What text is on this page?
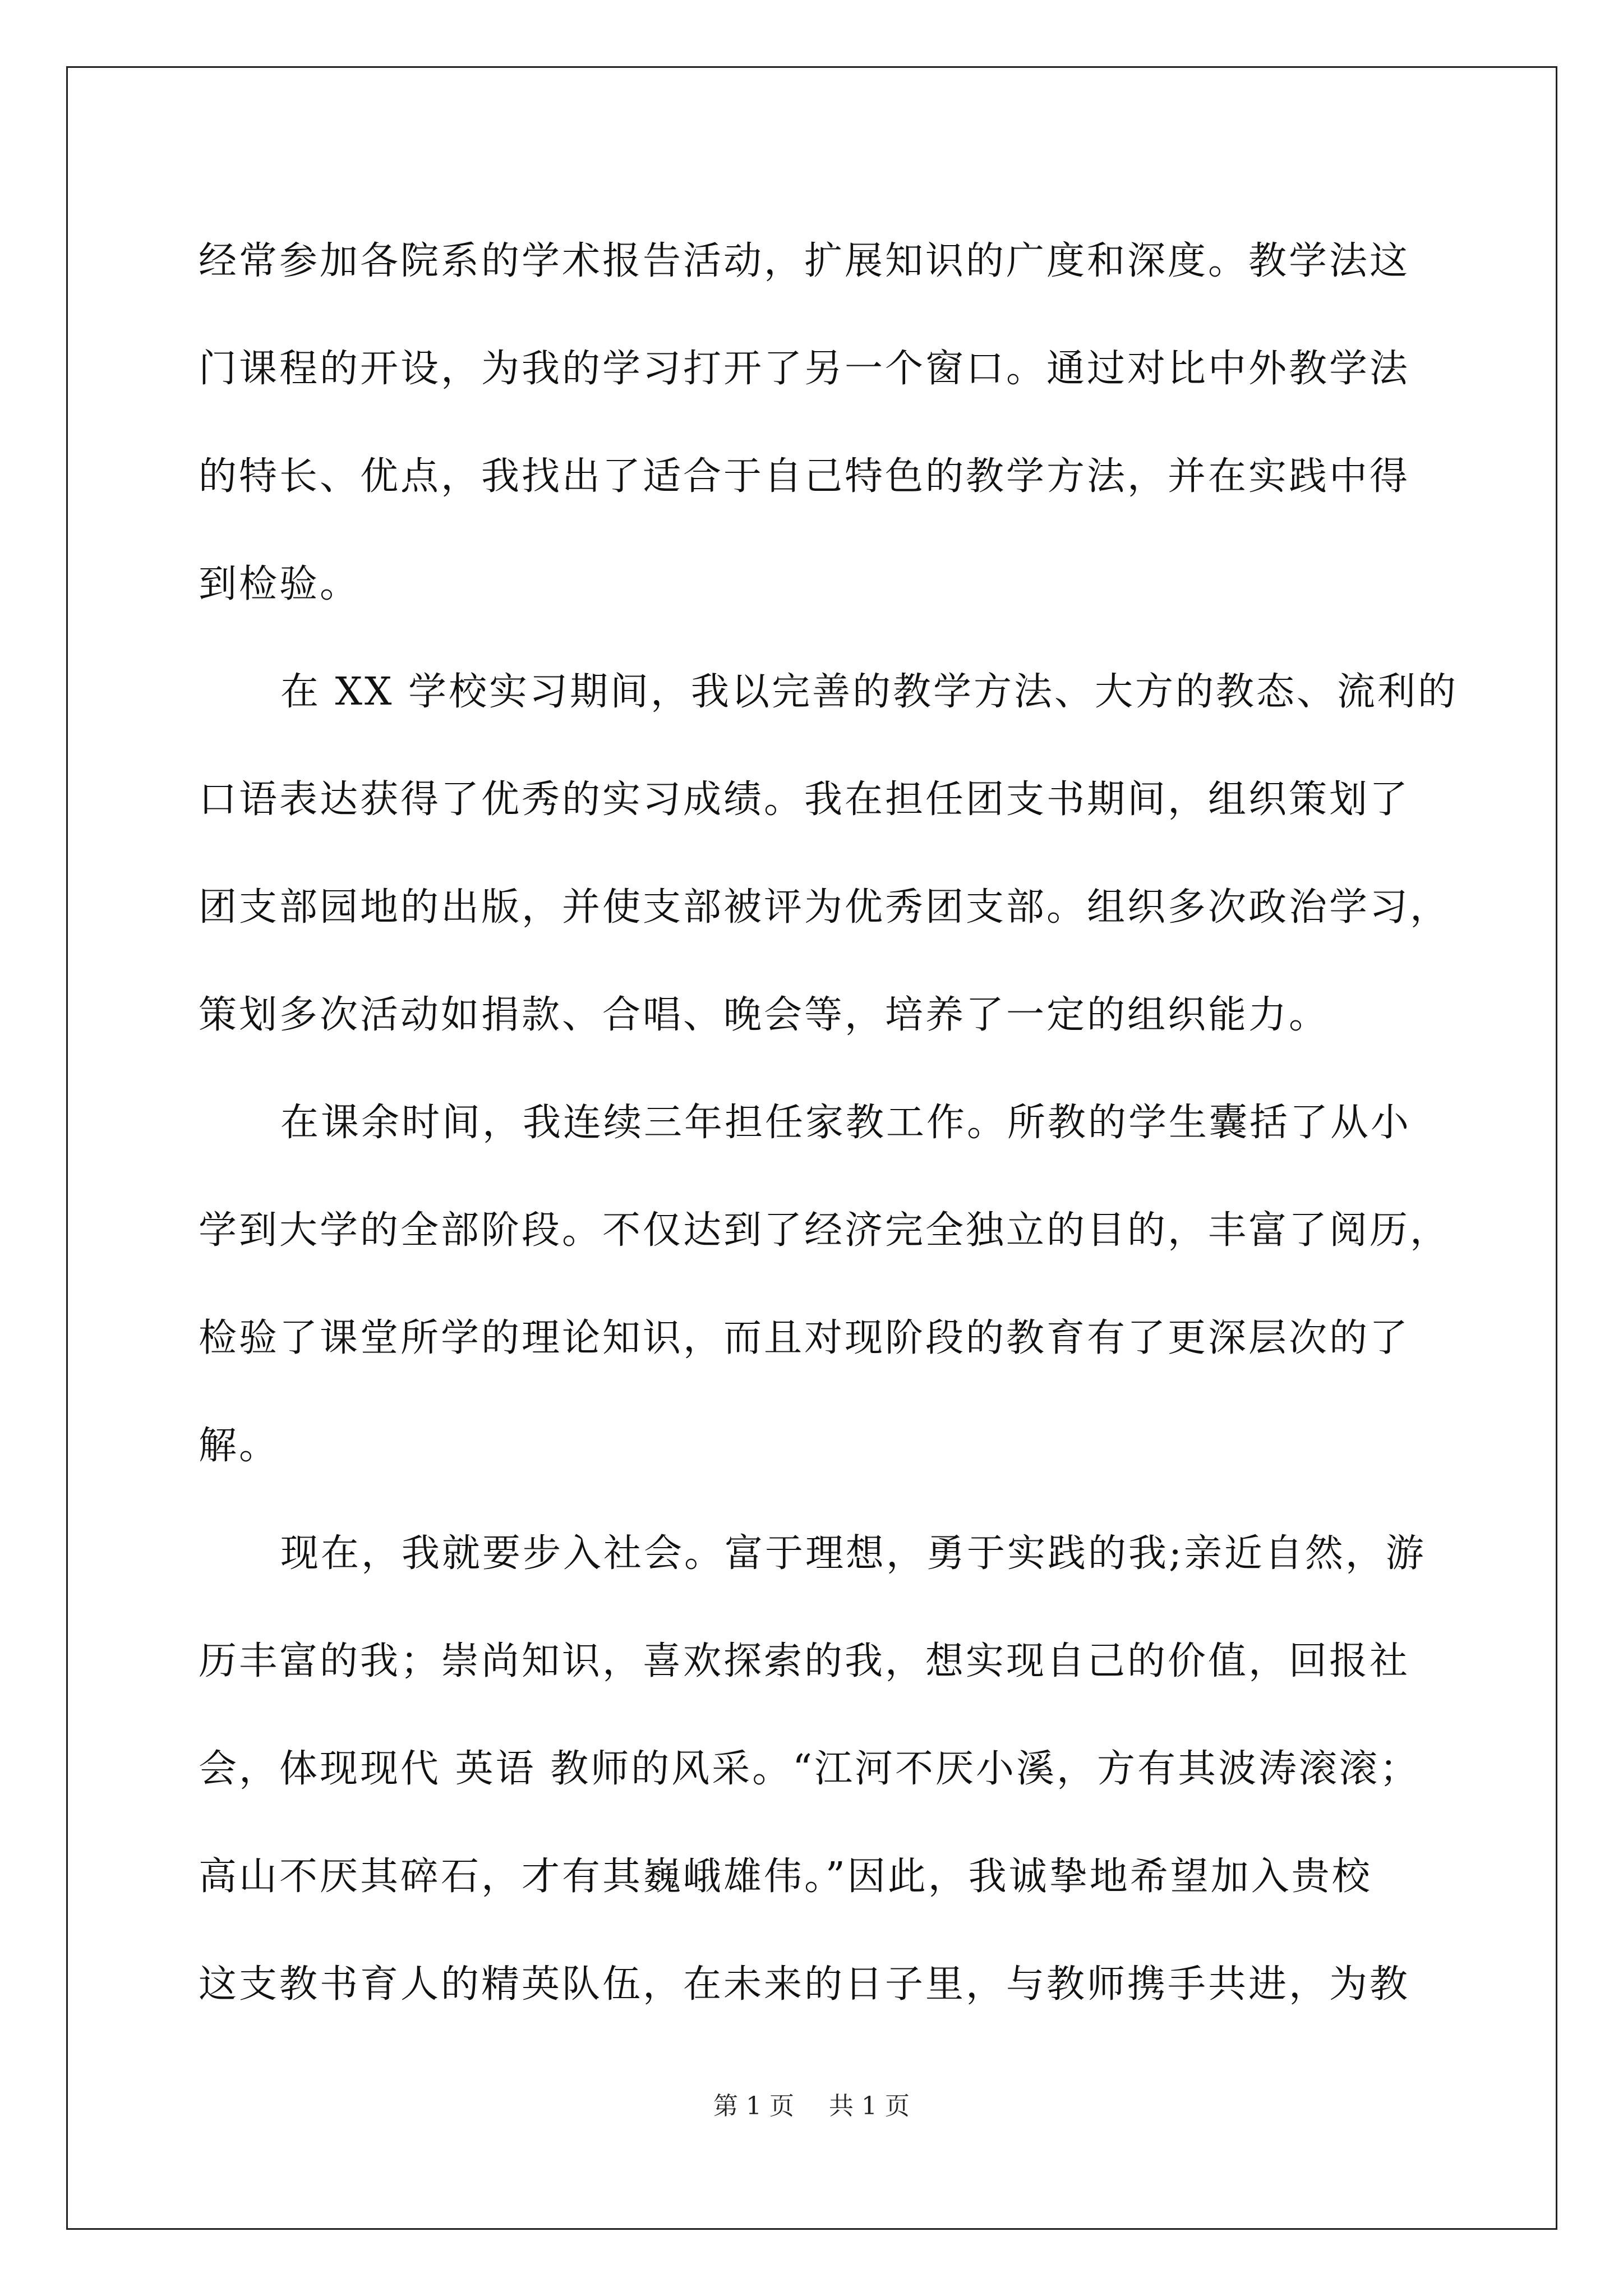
经常参加各院系的学术报告活动，扩展知识的广度和深度。教学法这
门课程的开设，为我的学习打开了另一个窗口。通过对比中外教学法
的特长、优点，我找出了适合于自己特色的教学方法，并在实践中得
到检验。
在 XX 学校实习期间，我以完善的教学方法、大方的教态、流利的
口语表达获得了优秀的实习成绩。我在担任团支书期间，组织策划了
团支部园地的出版，并使支部被评为优秀团支部。组织多次政治学习，
策划多次活动如捐款、合唱、晚会等，培养了一定的组织能力。
在课余时间，我连续三年担任家教工作。所教的学生囊括了从小
学到大学的全部阶段。不仅达到了经济完全独立的目的，丰富了阅历，
检验了课堂所学的理论知识，而且对现阶段的教育有了更深层次的了
解。
现在，我就要步入社会。富于理想，勇于实践的我;亲近自然，游
历丰富的我；崇尚知识，喜欢探索的我，想实现自己的价值，回报社
会，体现现代 英语 教师的风采。“江河不厌小溪，方有其波涛滚滚；
高山不厌其碎石，才有其巍峨雄伟。”因此，我诚挚地希望加入贵校
这支教书育人的精英队伍，在未来的日子里，与教师携手共进，为教
第 1 页 共 1 页
